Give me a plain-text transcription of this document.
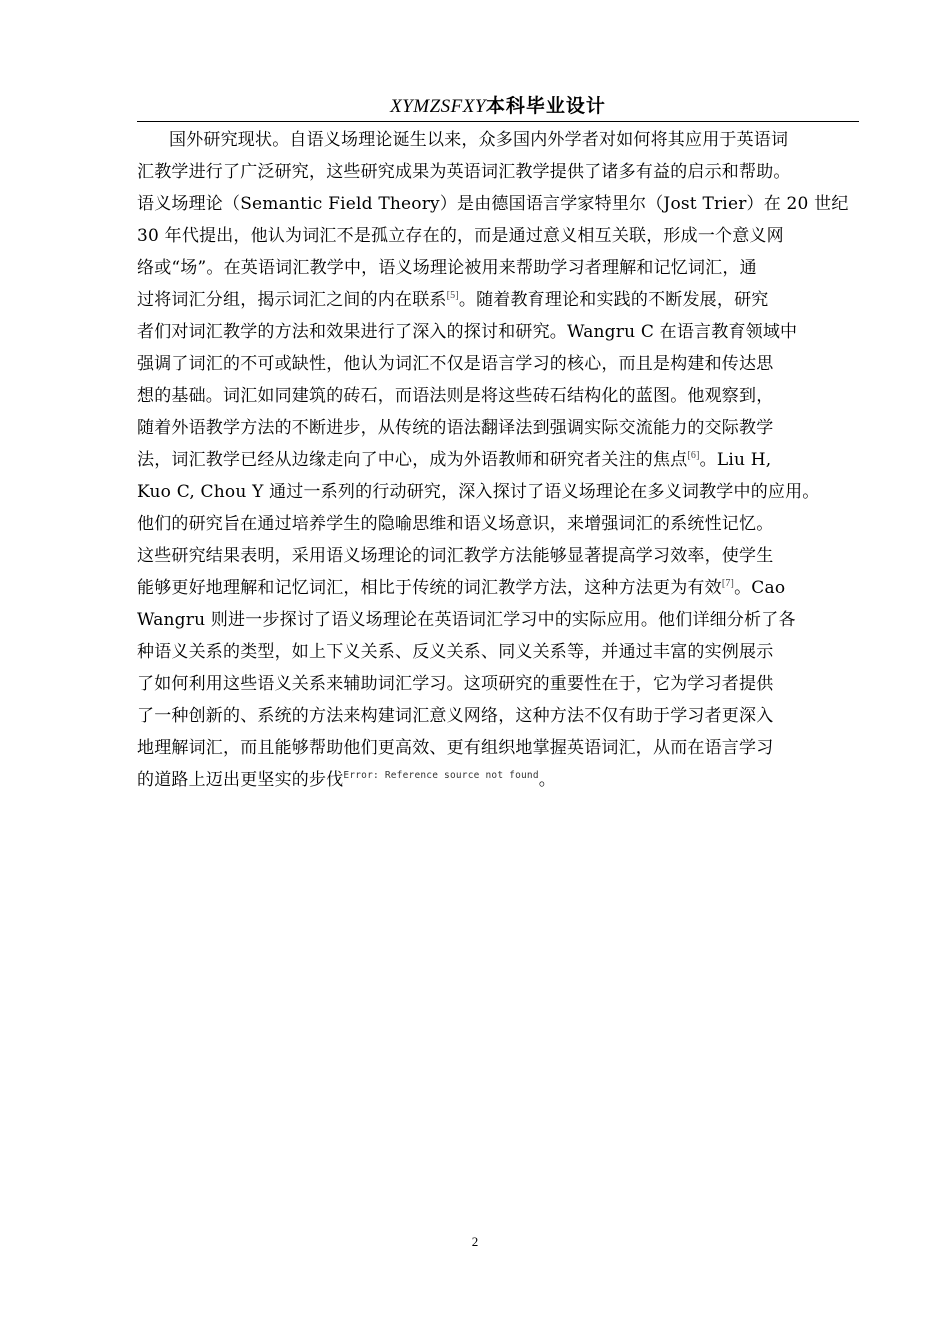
XYMZSFXY本科毕业设计
国外研究现状。自语义场理论诞生以来，众多国内外学者对如何将其应用于英语词
汇教学进行了广泛研究，这些研究成果为英语词汇教学提供了诸多有益的启示和帮助。
语义场理论（Semantic Field Theory）是由德国语言学家特里尔（Jost Trier）在 20 世纪
30 年代提出，他认为词汇不是孤立存在的，而是通过意义相互关联，形成一个意义网
络或“场”。在英语词汇教学中，语义场理论被用来帮助学习者理解和记忆词汇，通
过将词汇分组，揭示词汇之间的内在联系[5]。随着教育理论和实践的不断发展，研究
者们对词汇教学的方法和效果进行了深入的探讨和研究。Wangru C 在语言教育领域中
强调了词汇的不可或缺性，他认为词汇不仅是语言学习的核心，而且是构建和传达思
想的基础。词汇如同建筑的砖石，而语法则是将这些砖石结构化的蓝图。他观察到，
随着外语教学方法的不断进步，从传统的语法翻译法到强调实际交流能力的交际教学
法，词汇教学已经从边缘走向了中心，成为外语教师和研究者关注的焦点[6]。Liu H,
Kuo C, Chou Y 通过一系列的行动研究，深入探讨了语义场理论在多义词教学中的应用。
他们的研究旨在通过培养学生的隐喻思维和语义场意识，来增强词汇的系统性记忆。
这些研究结果表明，采用语义场理论的词汇教学方法能够显著提高学习效率，使学生
能够更好地理解和记忆词汇，相比于传统的词汇教学方法，这种方法更为有效[7]。Cao
Wangru 则进一步探讨了语义场理论在英语词汇学习中的实际应用。他们详细分析了各
种语义关系的类型，如上下义关系、反义关系、同义关系等，并通过丰富的实例展示
了如何利用这些语义关系来辅助词汇学习。这项研究的重要性在于，它为学习者提供
了一种创新的、系统的方法来构建词汇意义网络，这种方法不仅有助于学习者更深入
地理解词汇，而且能够帮助他们更高效、更有组织地掌握英语词汇，从而在语言学习
的道路上迈出更坚实的步伐$^{Error: Reference source not found}$。
2
